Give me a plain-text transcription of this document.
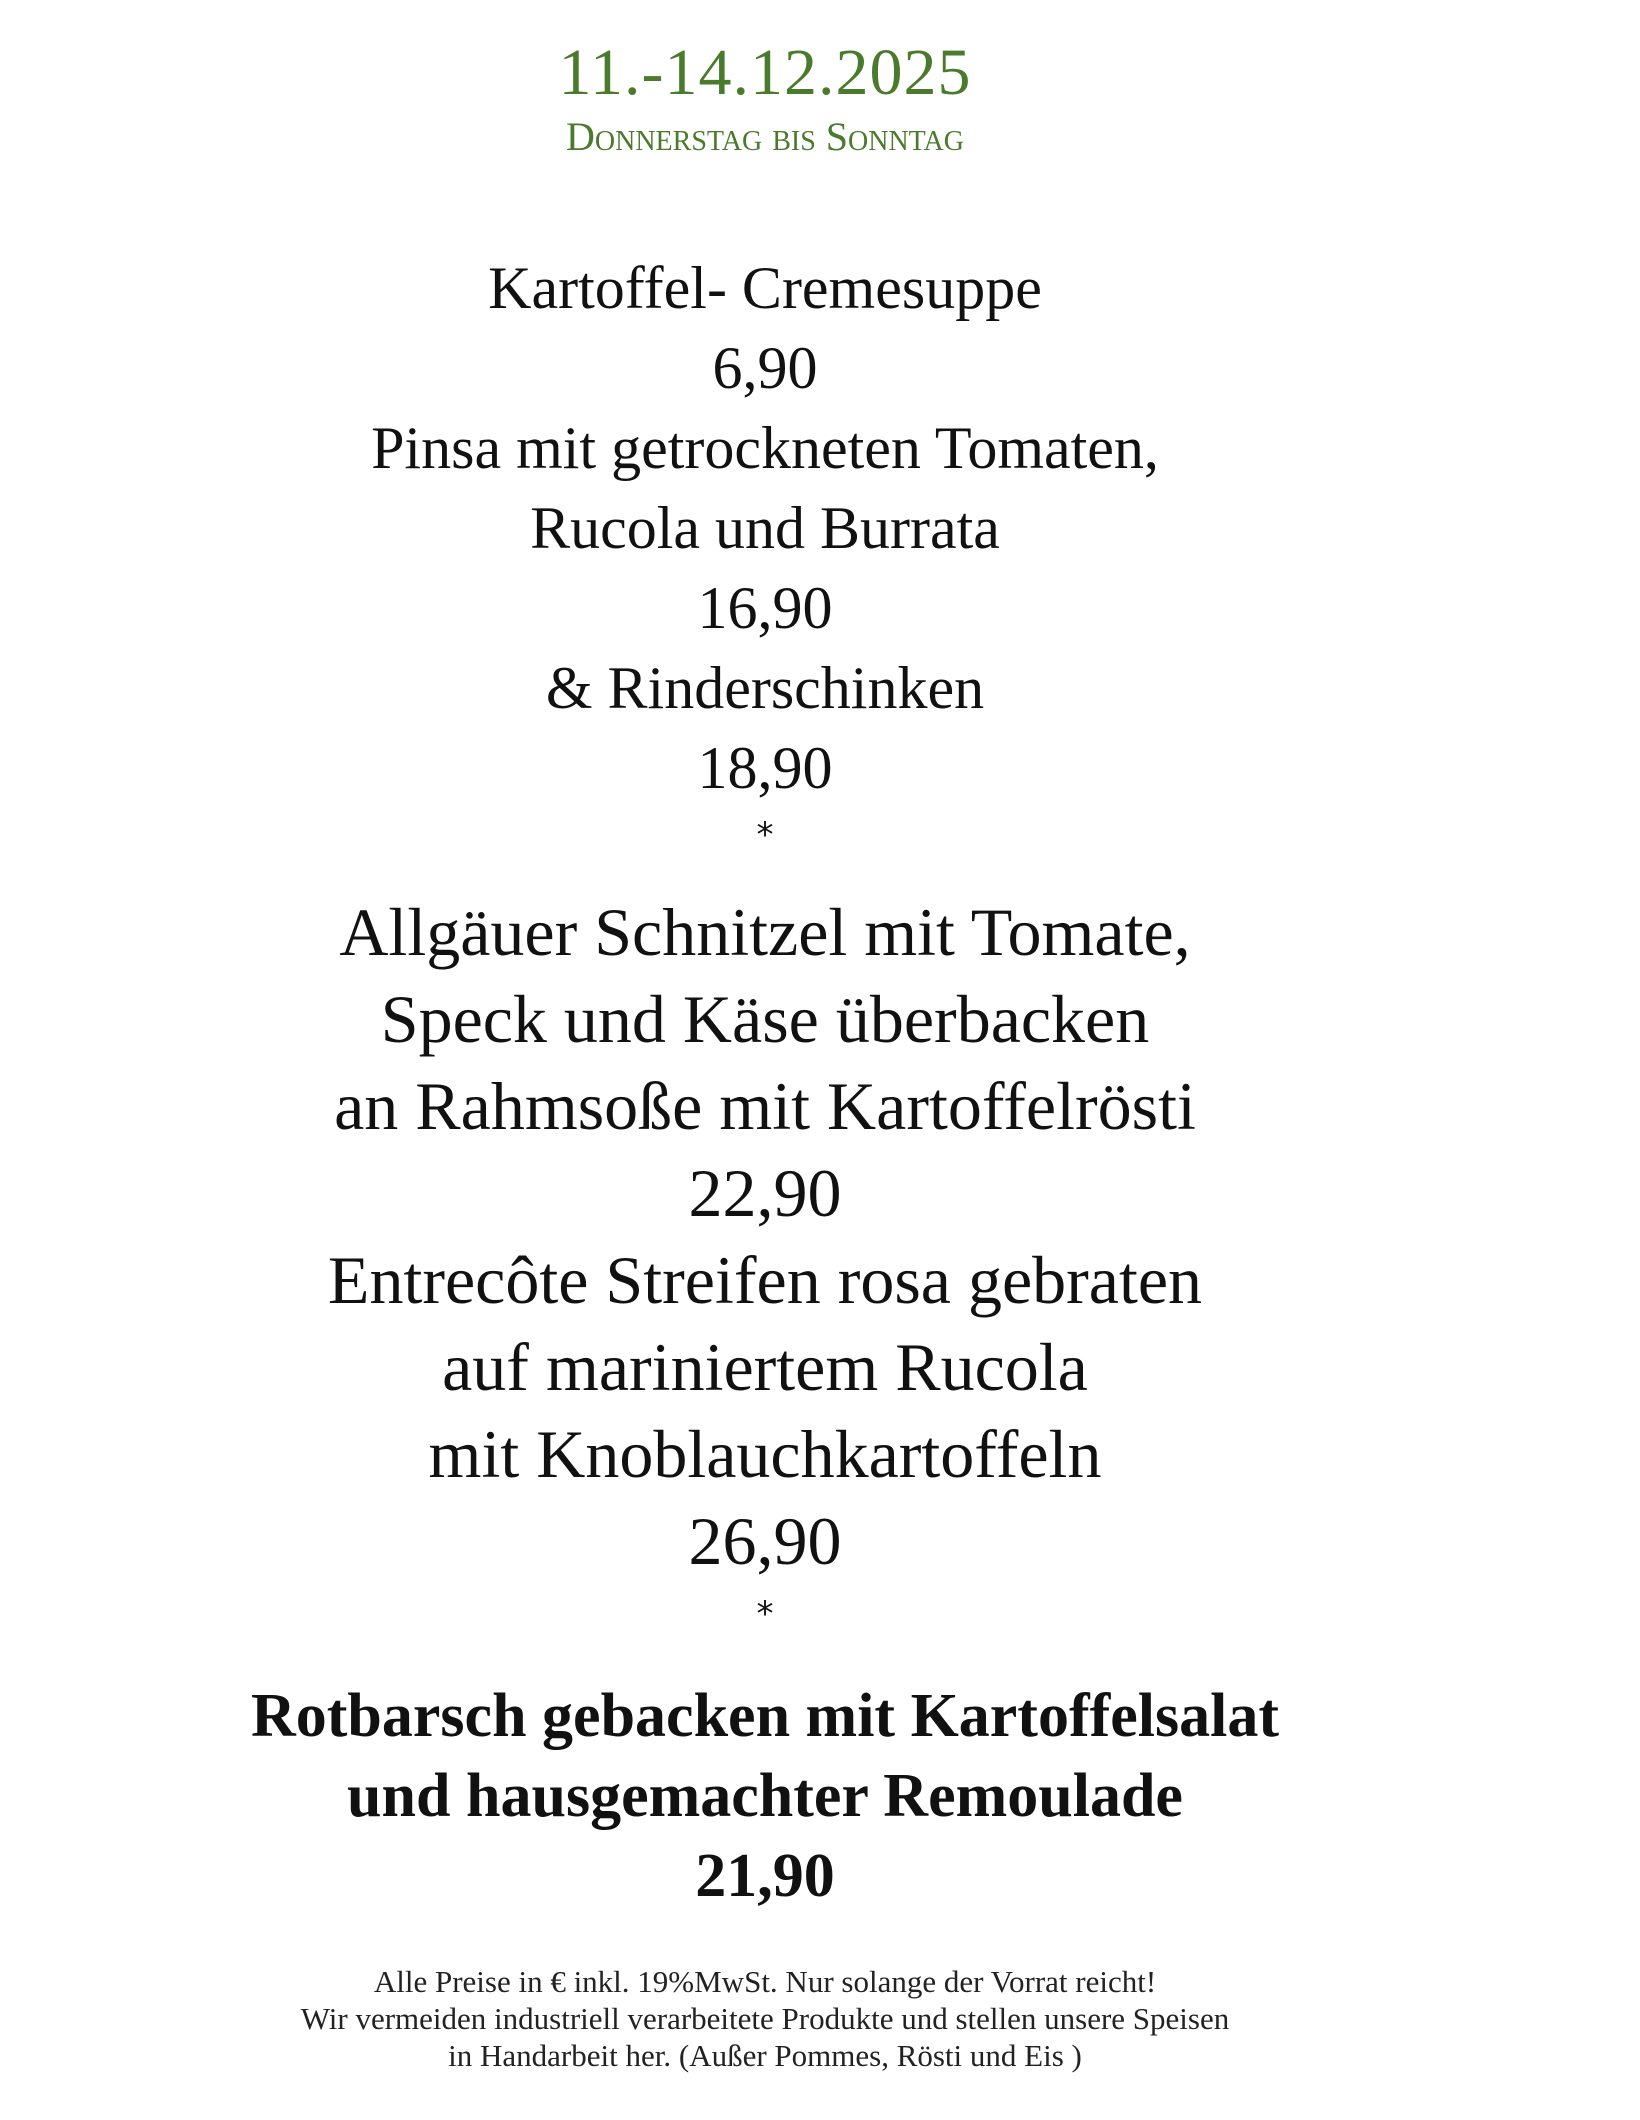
11.-14.12.2025
Donnerstag bis Sonntag
Kartoffel- Cremesuppe
6,90
Pinsa mit getrockneten Tomaten,
Rucola und Burrata
16,90
& Rinderschinken
18,90
*
Allgäuer Schnitzel mit Tomate,
Speck und Käse überbacken
an Rahmsoße mit Kartoffelrösti
22,90
Entrecôte Streifen rosa gebraten
auf mariniertem Rucola
mit Knoblauchkartoffeln
26,90
*
Rotbarsch gebacken mit Kartoffelsalat
und hausgemachter Remoulade
21,90
Alle Preise in € inkl. 19%MwSt. Nur solange der Vorrat reicht!
Wir vermeiden industriell verarbeitete Produkte und stellen unsere Speisen
in Handarbeit her. (Außer Pommes, Rösti und Eis )
